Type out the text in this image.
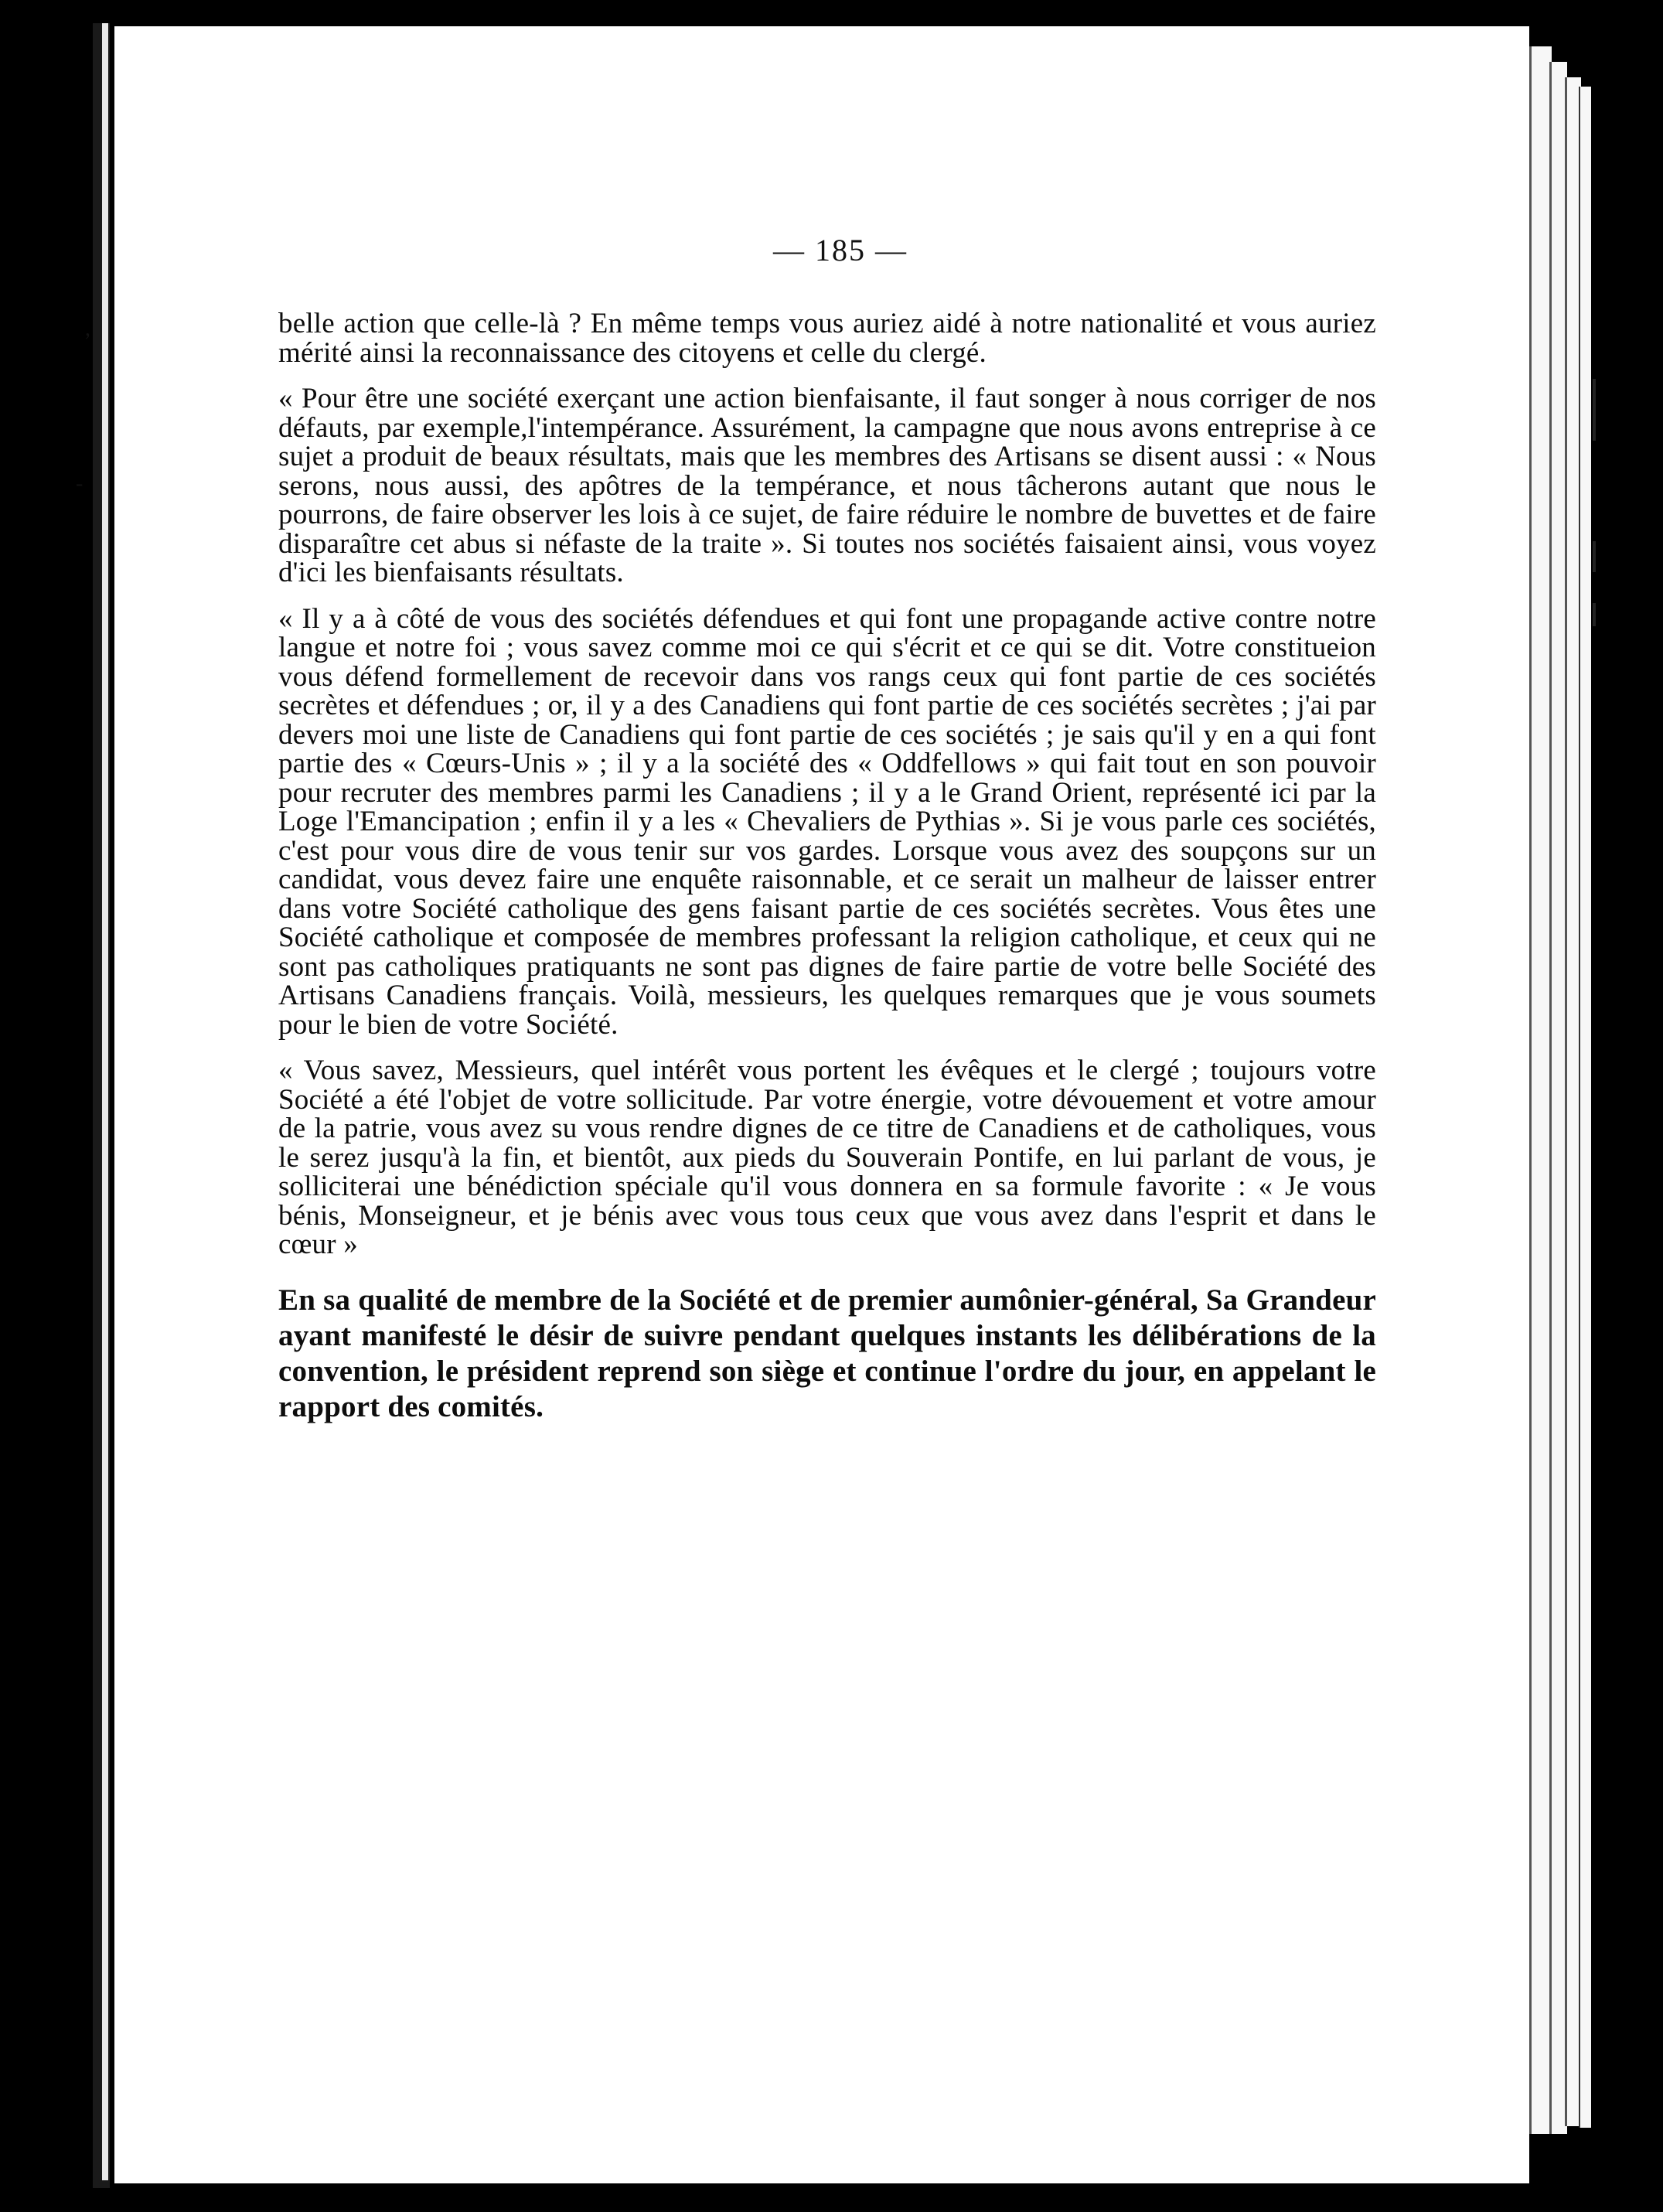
,
-
— 185 —

belle action que celle-là ? En même temps vous auriez aidé à notre nationalité et vous auriez mérité ainsi la reconnaissance des citoyens et celle du clergé.

« Pour être une société exerçant une action bienfaisante, il faut songer à nous corriger de nos défauts, par exemple,l'intempérance. Assurément, la campagne que nous avons entreprise à ce sujet a produit de beaux résultats, mais que les membres des Artisans se disent aussi : « Nous serons, nous aussi, des apôtres de la tempérance, et nous tâcherons autant que nous le pourrons, de faire observer les lois à ce sujet, de faire réduire le nombre de buvettes et de faire disparaître cet abus si néfaste de la traite ». Si toutes nos sociétés faisaient ainsi, vous voyez d'ici les bienfaisants résultats.

« Il y a à côté de vous des sociétés défendues et qui font une propagande active contre notre langue et notre foi ; vous savez comme moi ce qui s'écrit et ce qui se dit. Votre constitueion vous défend formellement de recevoir dans vos rangs ceux qui font partie de ces sociétés secrètes et défendues ; or, il y a des Canadiens qui font partie de ces sociétés secrètes ; j'ai par devers moi une liste de Canadiens qui font partie de ces sociétés ; je sais qu'il y en a qui font partie des « Cœurs-Unis » ; il y a la société des « Oddfellows » qui fait tout en son pouvoir pour recruter des membres parmi les Canadiens ; il y a le Grand Orient, représenté ici par la Loge l'Emancipation ; enfin il y a les « Chevaliers de Pythias ». Si je vous parle ces sociétés, c'est pour vous dire de vous tenir sur vos gardes. Lorsque vous avez des soupçons sur un candidat, vous devez faire une enquête raisonnable, et ce serait un malheur de laisser entrer dans votre Société catholique des gens faisant partie de ces sociétés secrètes. Vous êtes une Société catholique et composée de membres professant la religion catholique, et ceux qui ne sont pas catholiques pratiquants ne sont pas dignes de faire partie de votre belle Société des Artisans Canadiens français. Voilà, messieurs, les quelques remarques que je vous soumets pour le bien de votre Société.

« Vous savez, Messieurs, quel intérêt vous portent les évêques et le clergé ; toujours votre Société a été l'objet de votre sollicitude. Par votre énergie, votre dévouement et votre amour de la patrie, vous avez su vous rendre dignes de ce titre de Canadiens et de catholiques, vous le serez jusqu'à la fin, et bientôt, aux pieds du Souverain Pontife, en lui parlant de vous, je solliciterai une bénédiction spéciale qu'il vous donnera en sa formule favorite : « Je vous bénis, Monseigneur, et je bénis avec vous tous ceux que vous avez dans l'esprit et dans le cœur »

En sa qualité de membre de la Société et de premier aumônier-général, Sa Grandeur ayant manifesté le désir de suivre pendant quelques instants les délibérations de la convention, le président reprend son siège et continue l'ordre du jour, en appelant le rapport des comités.
